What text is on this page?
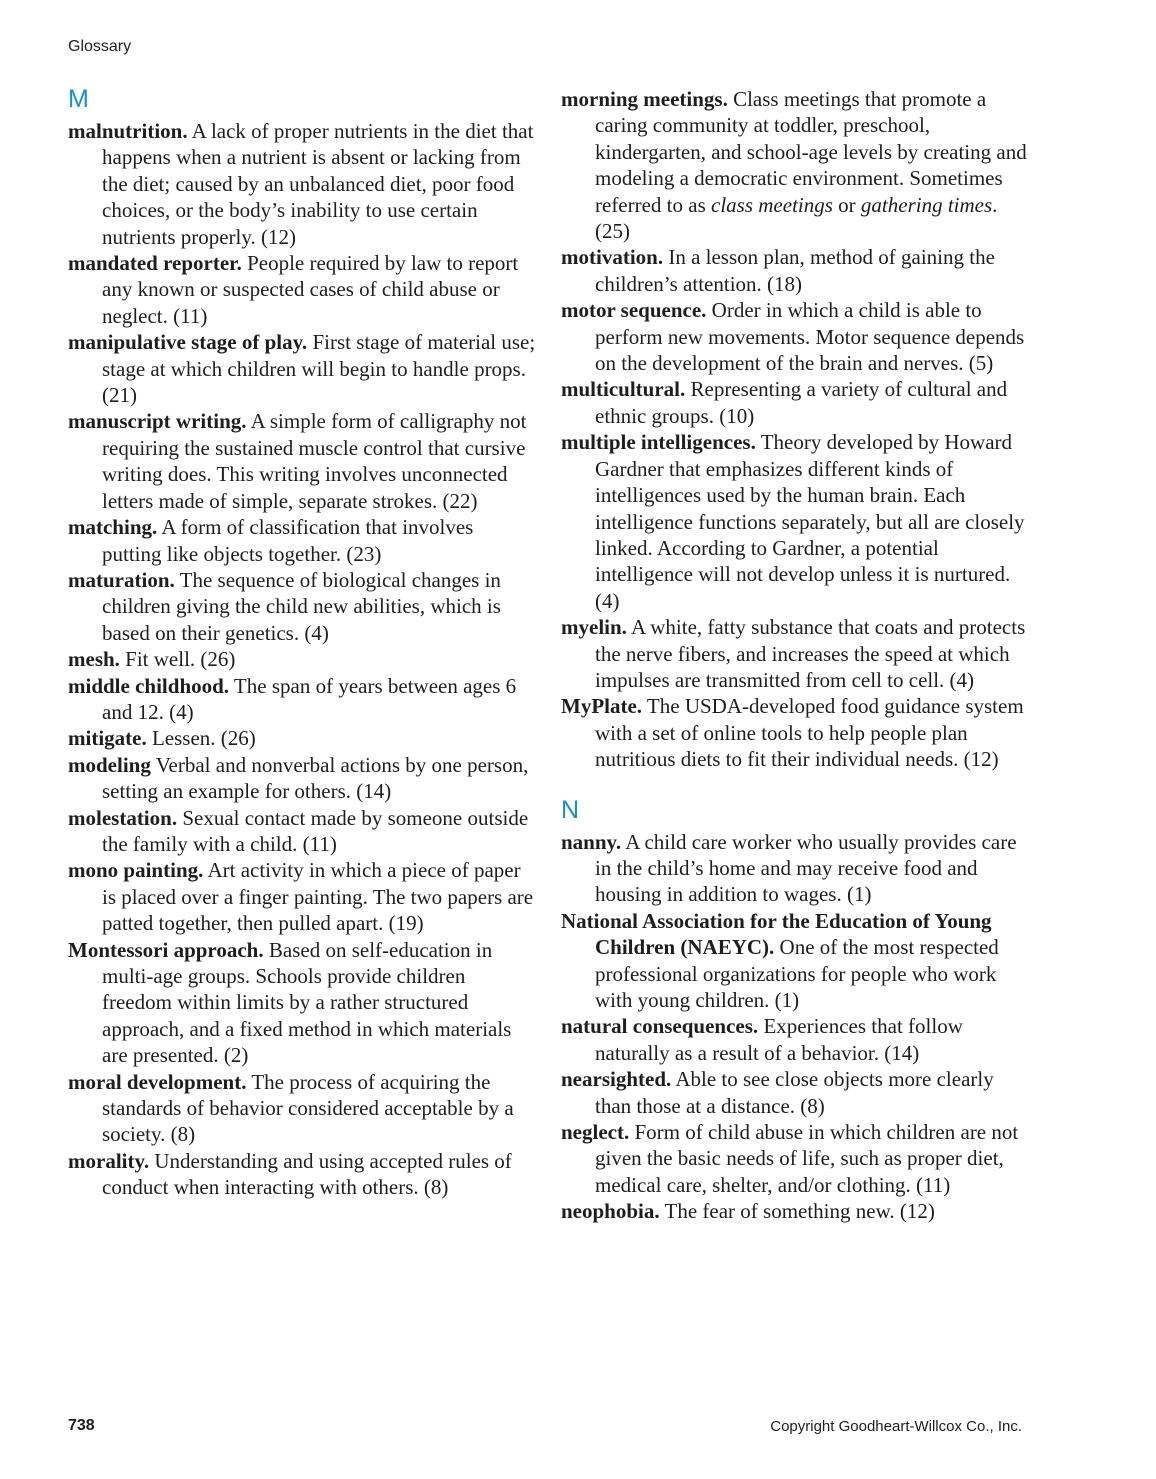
Glossary
M

malnutrition. A lack of proper nutrients in the diet that happens when a nutrient is absent or lacking from the diet; caused by an unbalanced diet, poor food choices, or the body’s inability to use certain nutrients properly. (12)

mandated reporter. People required by law to report any known or suspected cases of child abuse or neglect. (11)

manipulative stage of play. First stage of material use; stage at which children will begin to handle props. (21)

manuscript writing. A simple form of calligraphy not requiring the sustained muscle control that cursive writing does. This writing involves unconnected letters made of simple, separate strokes. (22)

matching. A form of classification that involves putting like objects together. (23)

maturation. The sequence of biological changes in children giving the child new abilities, which is based on their genetics. (4)

mesh. Fit well. (26)

middle childhood. The span of years between ages 6 and 12. (4)

mitigate. Lessen. (26)

modeling Verbal and nonverbal actions by one person, setting an example for others. (14)

molestation. Sexual contact made by someone outside the family with a child. (11)

mono painting. Art activity in which a piece of paper is placed over a finger painting. The two papers are patted together, then pulled apart. (19)

Montessori approach. Based on self-education in multi-age groups. Schools provide children freedom within limits by a rather structured approach, and a fixed method in which materials are presented. (2)

moral development. The process of acquiring the standards of behavior considered acceptable by a society. (8)

morality. Understanding and using accepted rules of conduct when interacting with others. (8)

morning meetings. Class meetings that promote a caring community at toddler, preschool, kindergarten, and school-age levels by creating and modeling a democratic environment. Sometimes referred to as class meetings or gathering times. (25)

motivation. In a lesson plan, method of gaining the children’s attention. (18)

motor sequence. Order in which a child is able to perform new movements. Motor sequence depends on the development of the brain and nerves. (5)

multicultural. Representing a variety of cultural and ethnic groups. (10)

multiple intelligences. Theory developed by Howard Gardner that emphasizes different kinds of intelligences used by the human brain. Each intelligence functions separately, but all are closely linked. According to Gardner, a potential intelligence will not develop unless it is nurtured. (4)

myelin. A white, fatty substance that coats and protects the nerve fibers, and increases the speed at which impulses are transmitted from cell to cell. (4)

MyPlate. The USDA-developed food guidance system with a set of online tools to help people plan nutritious diets to fit their individual needs. (12)

N

nanny. A child care worker who usually provides care in the child’s home and may receive food and housing in addition to wages. (1)

National Association for the Education of Young Children (NAEYC). One of the most respected professional organizations for people who work with young children. (1)

natural consequences. Experiences that follow naturally as a result of a behavior. (14)

nearsighted. Able to see close objects more clearly than those at a distance. (8)

neglect. Form of child abuse in which children are not given the basic needs of life, such as proper diet, medical care, shelter, and/or clothing. (11)

neophobia. The fear of something new. (12)

738	Copyright Goodheart-Willcox Co., Inc.
